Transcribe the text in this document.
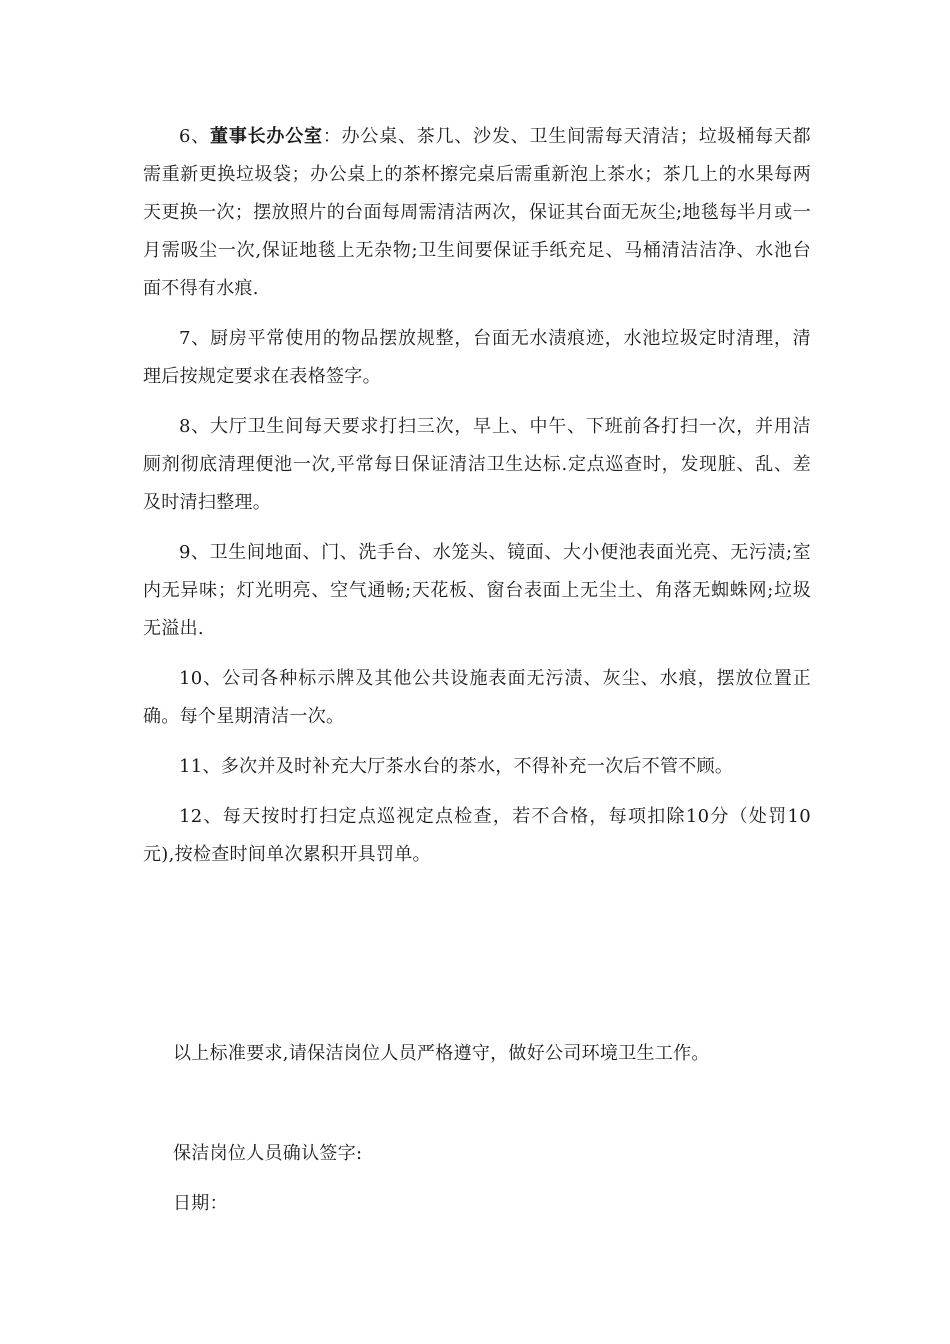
6、董事长办公室：办公桌、茶几、沙发、卫生间需每天清洁；垃圾桶每天都需重新更换垃圾袋；办公桌上的茶杯擦完桌后需重新泡上茶水；茶几上的水果每两天更换一次；摆放照片的台面每周需清洁两次，保证其台面无灰尘;地毯每半月或一月需吸尘一次,保证地毯上无杂物;卫生间要保证手纸充足、马桶清洁洁净、水池台面不得有水痕.

7、厨房平常使用的物品摆放规整，台面无水渍痕迹，水池垃圾定时清理，清理后按规定要求在表格签字。

8、大厅卫生间每天要求打扫三次，早上、中午、下班前各打扫一次，并用洁厕剂彻底清理便池一次,平常每日保证清洁卫生达标.定点巡查时，发现脏、乱、差及时清扫整理。

9、卫生间地面、门、洗手台、水笼头、镜面、大小便池表面光亮、无污渍;室内无异味；灯光明亮、空气通畅;天花板、窗台表面上无尘土、角落无蜘蛛网;垃圾无溢出.

10、公司各种标示牌及其他公共设施表面无污渍、灰尘、水痕，摆放位置正确。每个星期清洁一次。

11、多次并及时补充大厅茶水台的茶水，不得补充一次后不管不顾。

12、每天按时打扫定点巡视定点检查，若不合格，每项扣除10分（处罚10元),按检查时间单次累积开具罚单。

以上标准要求,请保洁岗位人员严格遵守，做好公司环境卫生工作。

保洁岗位人员确认签字:

日期：
